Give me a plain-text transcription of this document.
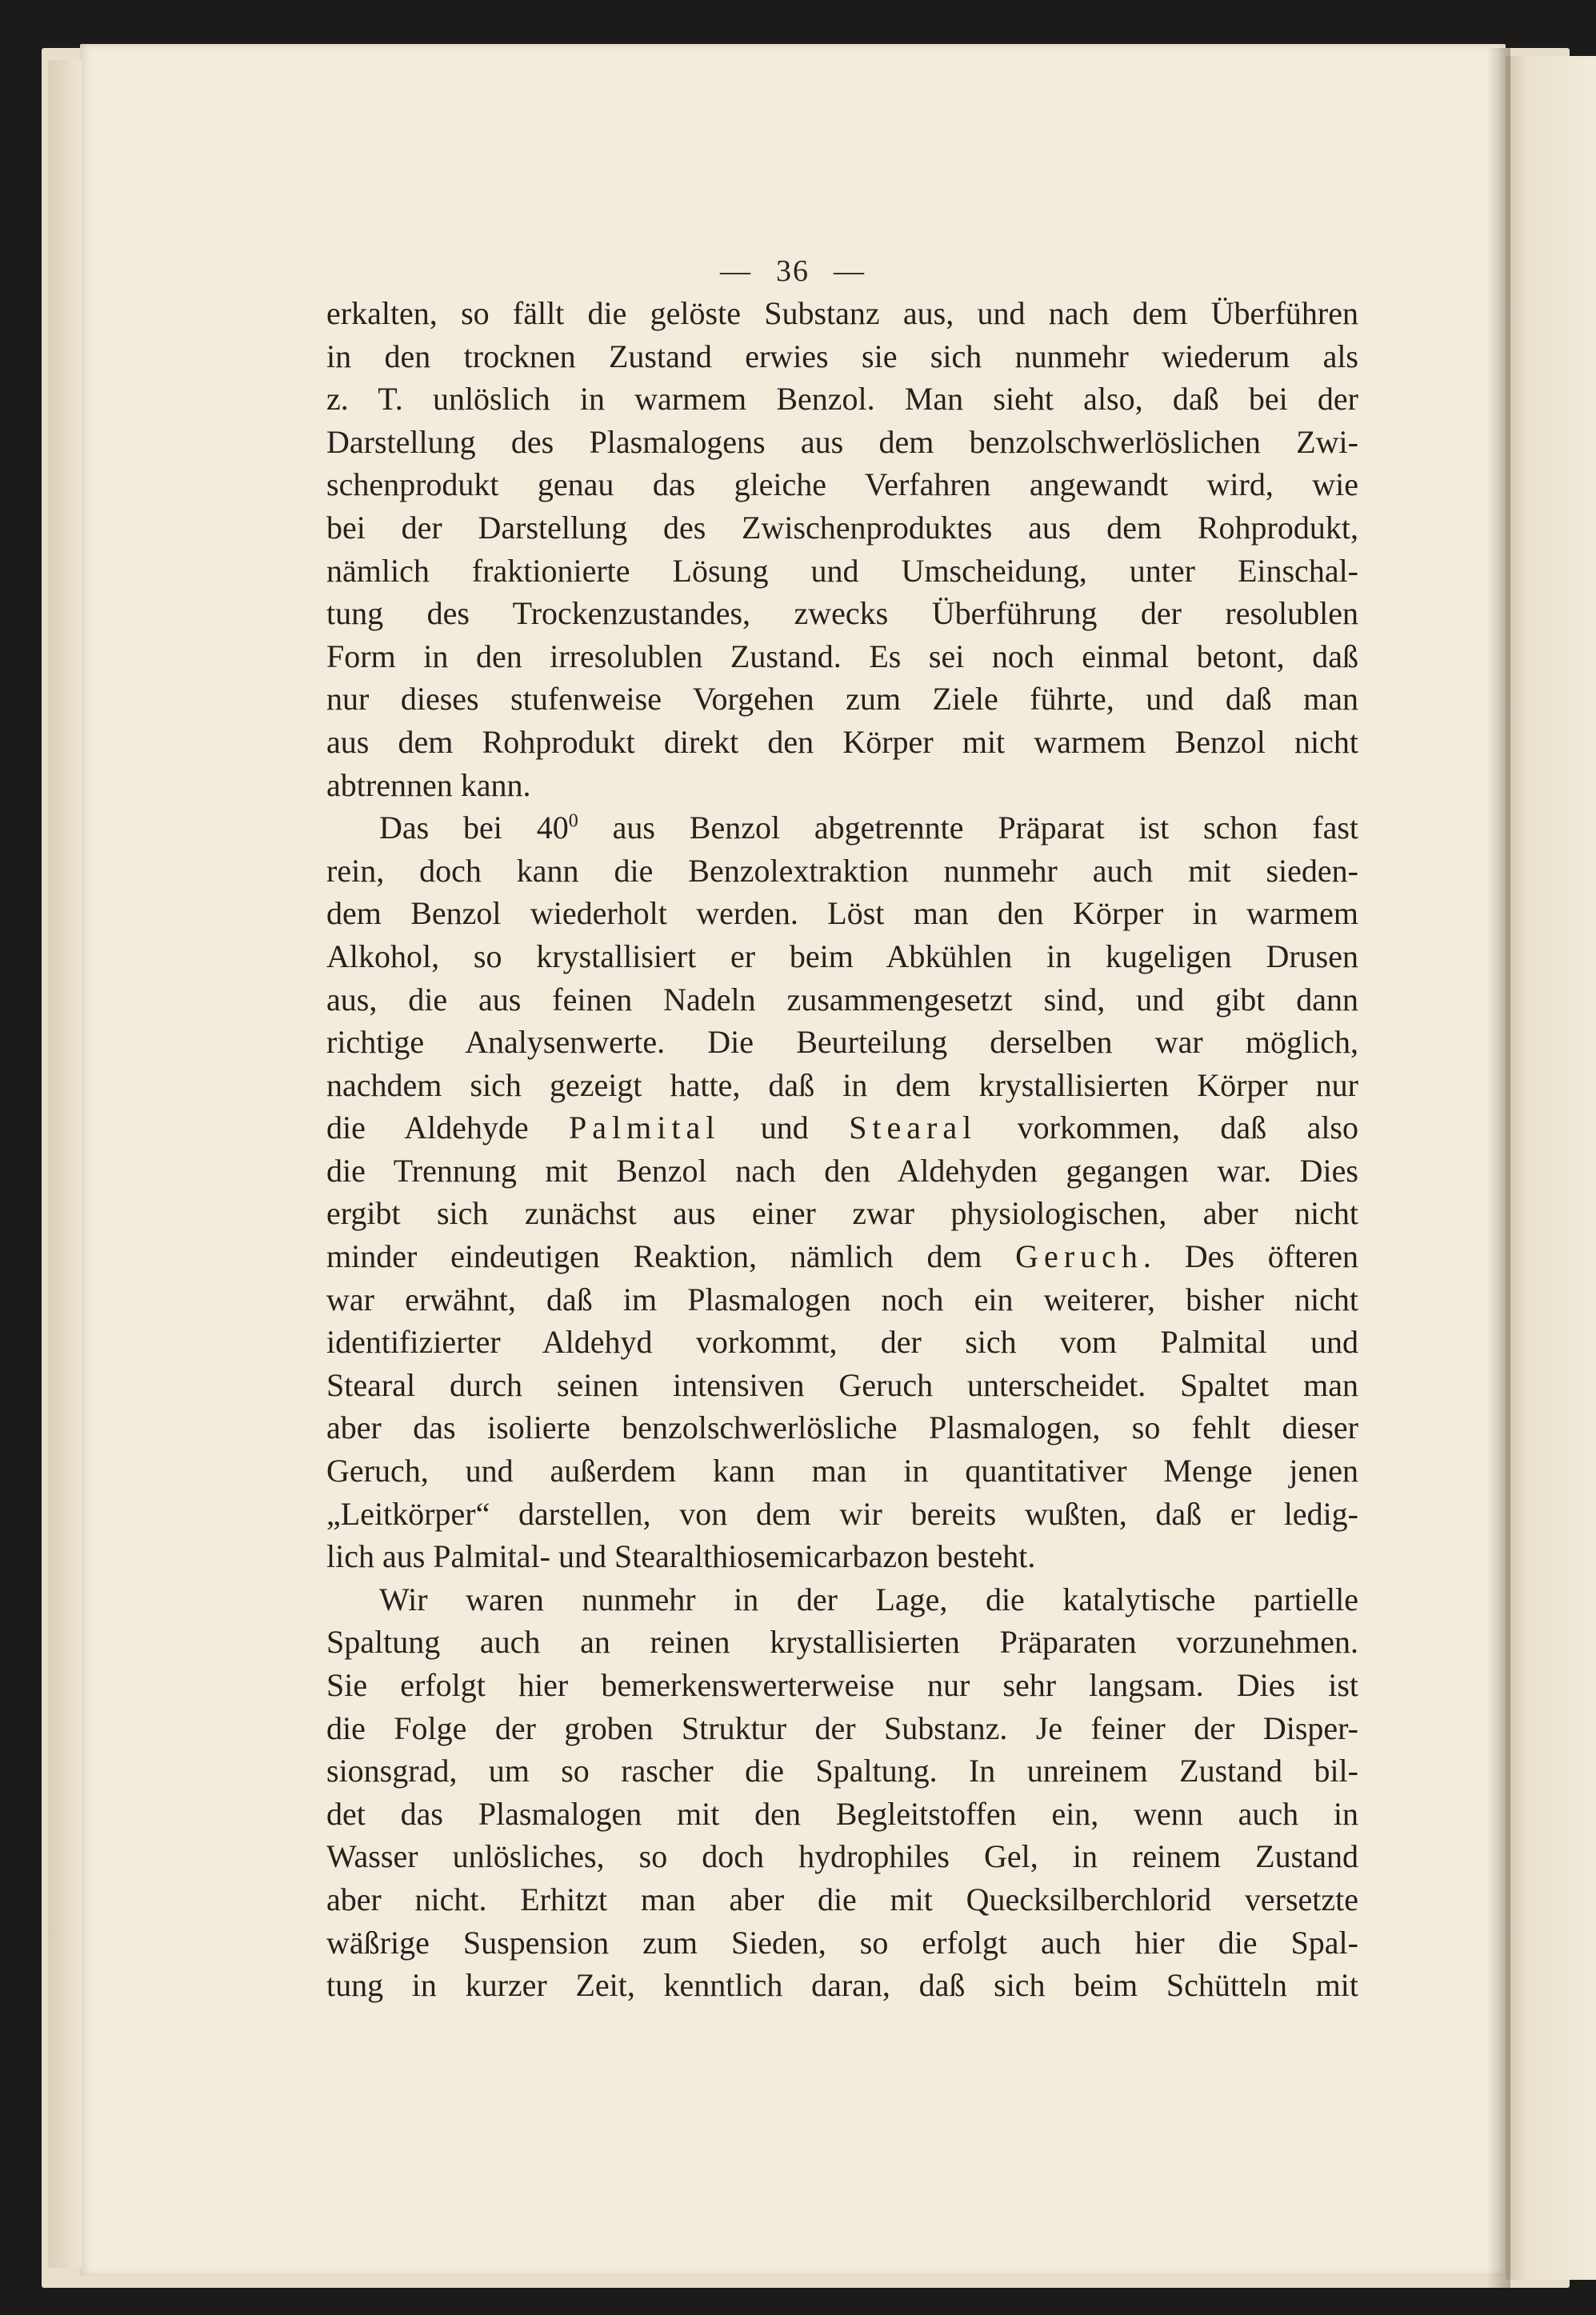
— 36 —

erkalten, so fällt die gelöste Substanz aus, und nach dem Überführen

in den trocknen Zustand erwies sie sich nunmehr wiederum als

z. T. unlöslich in warmem Benzol. Man sieht also, daß bei der

Darstellung des Plasmalogens aus dem benzolschwerlöslichen Zwi-

schenprodukt genau das gleiche Verfahren angewandt wird, wie

bei der Darstellung des Zwischenproduktes aus dem Rohprodukt,

nämlich fraktionierte Lösung und Umscheidung, unter Einschal-

tung des Trockenzustandes, zwecks Überführung der resolublen

Form in den irresolublen Zustand. Es sei noch einmal betont, daß

nur dieses stufenweise Vorgehen zum Ziele führte, und daß man

aus dem Rohprodukt direkt den Körper mit warmem Benzol nicht

abtrennen kann.

Das bei $40^0$ aus Benzol abgetrennte Präparat ist schon fast

rein, doch kann die Benzolextraktion nunmehr auch mit sieden-

dem Benzol wiederholt werden. Löst man den Körper in warmem

Alkohol, so krystallisiert er beim Abkühlen in kugeligen Drusen

aus, die aus feinen Nadeln zusammengesetzt sind, und gibt dann

richtige Analysenwerte. Die Beurteilung derselben war möglich,

nachdem sich gezeigt hatte, daß in dem krystallisierten Körper nur

die Aldehyde Palmital und Stearal vorkommen, daß also

die Trennung mit Benzol nach den Aldehyden gegangen war. Dies

ergibt sich zunächst aus einer zwar physiologischen, aber nicht

minder eindeutigen Reaktion, nämlich dem Geruch. Des öfteren

war erwähnt, daß im Plasmalogen noch ein weiterer, bisher nicht

identifizierter Aldehyd vorkommt, der sich vom Palmital und

Stearal durch seinen intensiven Geruch unterscheidet. Spaltet man

aber das isolierte benzolschwerlösliche Plasmalogen, so fehlt dieser

Geruch, und außerdem kann man in quantitativer Menge jenen

„Leitkörper“ darstellen, von dem wir bereits wußten, daß er ledig-

lich aus Palmital- und Stearalthiosemicarbazon besteht.

Wir waren nunmehr in der Lage, die katalytische partielle

Spaltung auch an reinen krystallisierten Präparaten vorzunehmen.

Sie erfolgt hier bemerkenswerterweise nur sehr langsam. Dies ist

die Folge der groben Struktur der Substanz. Je feiner der Disper-

sionsgrad, um so rascher die Spaltung. In unreinem Zustand bil-

det das Plasmalogen mit den Begleitstoffen ein, wenn auch in

Wasser unlösliches, so doch hydrophiles Gel, in reinem Zustand

aber nicht. Erhitzt man aber die mit Quecksilberchlorid versetzte

wäßrige Suspension zum Sieden, so erfolgt auch hier die Spal-

tung in kurzer Zeit, kenntlich daran, daß sich beim Schütteln mit
